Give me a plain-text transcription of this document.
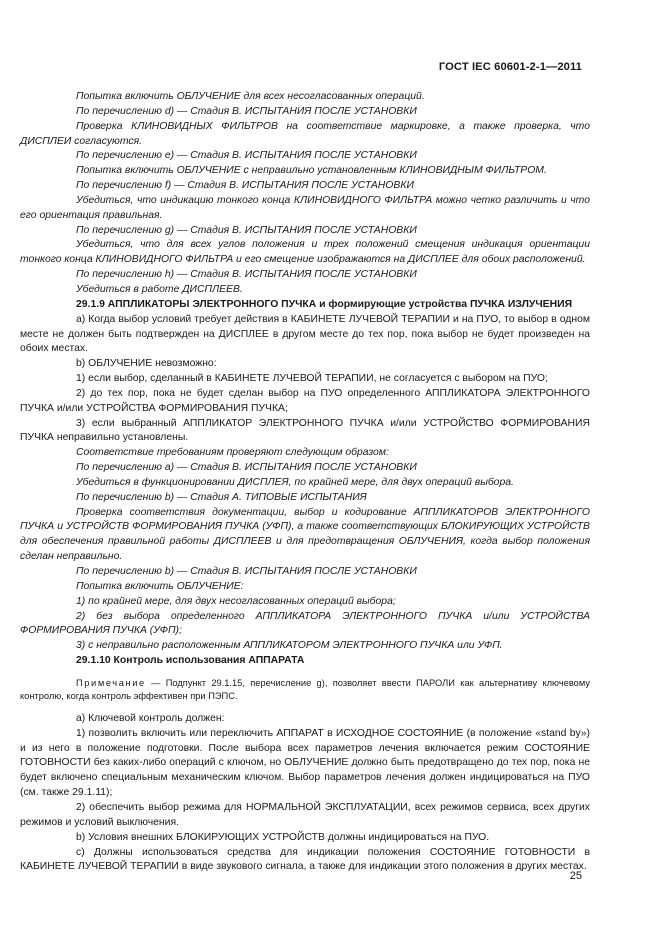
ГОСТ IEC 60601-2-1—2011

Попытка включить ОБЛУЧЕНИЕ для всех несогласованных операций.

По перечислению d) — Стадия В. ИСПЫТАНИЯ ПОСЛЕ УСТАНОВКИ

Проверка КЛИНОВИДНЫХ ФИЛЬТРОВ на соответствие маркировке, а также проверка, что ДИСПЛЕИ согласуются.

По перечислению е) — Стадия В. ИСПЫТАНИЯ ПОСЛЕ УСТАНОВКИ

Попытка включить ОБЛУЧЕНИЕ с неправильно установленным КЛИНОВИДНЫМ ФИЛЬТРОМ.

По перечислению f) — Стадия В. ИСПЫТАНИЯ ПОСЛЕ УСТАНОВКИ

Убедиться, что индикацию тонкого конца КЛИНОВИДНОГО ФИЛЬТРА можно четко различить и что его ориентация правильная.

По перечислению g) — Стадия В. ИСПЫТАНИЯ ПОСЛЕ УСТАНОВКИ

Убедиться, что для всех углов положения и трех положений смещения индикация ориентации тонкого конца КЛИНОВИДНОГО ФИЛЬТРА и его смещение изображаются на ДИСПЛЕЕ для обоих расположений.

По перечислению h) — Стадия В. ИСПЫТАНИЯ ПОСЛЕ УСТАНОВКИ

Убедиться в работе ДИСПЛЕЕВ.

29.1.9 АППЛИКАТОРЫ ЭЛЕКТРОННОГО ПУЧКА и формирующие устройства ПУЧКА ИЗЛУЧЕНИЯ

а) Когда выбор условий требует действия в КАБИНЕТЕ ЛУЧЕВОЙ ТЕРАПИИ и на ПУО, то выбор в одном месте не должен быть подтвержден на ДИСПЛЕЕ в другом месте до тех пор, пока выбор не будет произведен на обоих местах.

b) ОБЛУЧЕНИЕ невозможно:

1) если выбор, сделанный в КАБИНЕТЕ ЛУЧЕВОЙ ТЕРАПИИ, не согласуется с выбором на ПУО;

2) до тех пор, пока не будет сделан выбор на ПУО определенного АППЛИКАТОРА ЭЛЕКТРОННОГО ПУЧКА и/или УСТРОЙСТВА ФОРМИРОВАНИЯ ПУЧКА;

3) если выбранный АППЛИКАТОР ЭЛЕКТРОННОГО ПУЧКА и/или УСТРОЙСТВО ФОРМИРОВАНИЯ ПУЧКА неправильно установлены.

Соответствие требованиям проверяют следующим образом:

По перечислению а) — Стадия В. ИСПЫТАНИЯ ПОСЛЕ УСТАНОВКИ

Убедиться в функционировании ДИСПЛЕЯ, по крайней мере, для двух операций выбора.

По перечислению b) — Стадия А. ТИПОВЫЕ ИСПЫТАНИЯ

Проверка соответствия документации, выбор и кодирование АППЛИКАТОРОВ ЭЛЕКТРОННОГО ПУЧКА и УСТРОЙСТВ ФОРМИРОВАНИЯ ПУЧКА (УФП), а также соответствующих БЛОКИРУЮЩИХ УСТРОЙСТВ для обеспечения правильной работы ДИСПЛЕЕВ и для предотвращения ОБЛУЧЕНИЯ, когда выбор положения сделан неправильно.

По перечислению b) — Стадия В. ИСПЫТАНИЯ ПОСЛЕ УСТАНОВКИ

Попытка включить ОБЛУЧЕНИЕ:

1) по крайней мере, для двух несогласованных операций выбора;

2) без выбора определенного АППЛИКАТОРА ЭЛЕКТРОННОГО ПУЧКА и/или УСТРОЙСТВА ФОРМИРОВАНИЯ ПУЧКА (УФП);

3) с неправильно расположенным АППЛИКАТОРОМ ЭЛЕКТРОННОГО ПУЧКА или УФП.

29.1.10 Контроль использования АППАРАТА

Примечание — Подпункт 29.1.15, перечисление g), позволяет ввести ПАРОЛИ как альтернативу ключевому контролю, когда контроль эффективен при ПЭПС.

а) Ключевой контроль должен:

1) позволить включить или переключить АППАРАТ в ИСХОДНОЕ СОСТОЯНИЕ (в положение «stand by») и из него в положение подготовки. После выбора всех параметров лечения включается режим СОСТОЯНИЕ ГОТОВНОСТИ без каких-либо операций с ключом, но ОБЛУЧЕНИЕ должно быть предотвращено до тех пор, пока не будет включено специальным механическим ключом. Выбор параметров лечения должен индицироваться на ПУО (см. также 29.1.11);

2) обеспечить выбор режима для НОРМАЛЬНОЙ ЭКСПЛУАТАЦИИ, всех режимов сервиса, всех других режимов и условий выключения.

b) Условия внешних БЛОКИРУЮЩИХ УСТРОЙСТВ должны индицироваться на ПУО.

с) Должны использоваться средства для индикации положения СОСТОЯНИЕ ГОТОВНОСТИ в КАБИНЕТЕ ЛУЧЕВОЙ ТЕРАПИИ в виде звукового сигнала, а также для индикации этого положения в других местах.

25
